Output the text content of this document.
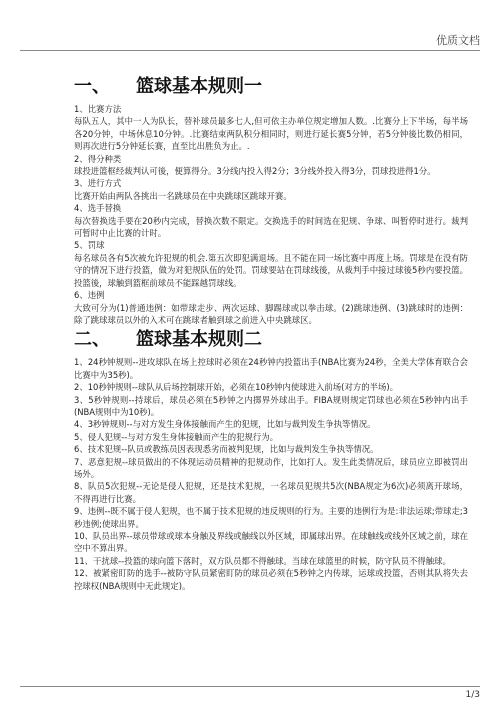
优质文档
一、 篮球基本规则一

1、比赛方法

每队五人，其中一人为队长，替补球员最多七人,但可依主办单位规定增加人数。.比赛分上下半场，每半场各20分钟，中场休息10分钟。.比赛结束两队积分相同时，则进行延长赛5分钟，若5分钟後比数仍相同，则再次进行5分钟延长赛，直至比出胜负为止。.

2、得分种类

球投进篮框经裁判认可後，便算得分。3分线内投入得2分；3分线外投入得3分，罚球投进得1分。

3、进行方式

比赛开始由两队各挑出一名跳球员在中央跳球区跳球开赛。

4、选手替换

每次替换选手要在20秒内完成，替换次数不限定。交换选手的时间选在犯规、争球、叫暂停时进行。裁判可暂时中止比赛的计时。

5、罚球

每名球员各有5次被允许犯规的机会.第五次即犯满退场。且不能在同一场比赛中再度上场。罚球是在没有防守的情况下进行投篮，做为对犯规队伍的处罚。罚球要站在罚球线後，从裁判手中接过球後5秒内要投篮。投篮後，球触到篮框前球员不能踩越罚球线。

6、违例

大致可分为(1)普通违例：如带球走步、两次运球、脚踢球或以拳击球。(2)跳球违例、(3)跳球时的违例：除了跳球球员以外的入术可在跳球者触到球之前进入中央跳球区。

二、 篮球基本规则二

1、24秒钟规则--进攻球队在场上控球时必须在24秒钟内投篮出手(NBA比赛为24秒，全美大学体育联合会比赛中为35秒)。

2、10秒钟规则--球队从后场控制球开始，必须在10秒钟内使球进入前场(对方的半场)。

3、5秒钟规则--持球后，球员必须在5秒钟之内掷界外球出手。FIBA规则规定罚球也必须在5秒钟内出手(NBA规则中为10秒)。

4、3秒钟规则--与对方发生身体接触而产生的犯规，比如与裁判发生争执等情况。

5、侵人犯规--与对方发生身体接触而产生的犯规行为。

6、技术犯规--队员或教练员因表现悉劣而被判犯规，比如与裁判发生争执等情况。

7、恶意犯规--球员做出的不体现运动员精神的犯规动作，比如打人。发生此类情况后，球员应立即被罚出场外。

8、队员5次犯规--无论是侵人犯规，还是技术犯规，一名球员犯规共5次(NBA规定为6次)必须离开球场，不得再进行比赛。

9、违例--既不属于侵人犯规，也不属于技术犯规的违反规则的行为。主要的违例行为是:非法运球;带球走;3秒违例;使球出界。

10、队员出界--球员带球或球本身触及界线或触线以外区域，即属球出界。在球触线或线外区域之前，球在空中不算出界。

11、干扰球--投篮的球向篮下落时，双方队员都不得触球。当球在球篮里的时候，防守队员不得触球。

12、被紧密盯防的选手--被防守队员紧密盯防的球员必须在5秒钟之内传球，运球或投篮，否则其队将失去控球权(NBA规则中无此规定)。

1/3
